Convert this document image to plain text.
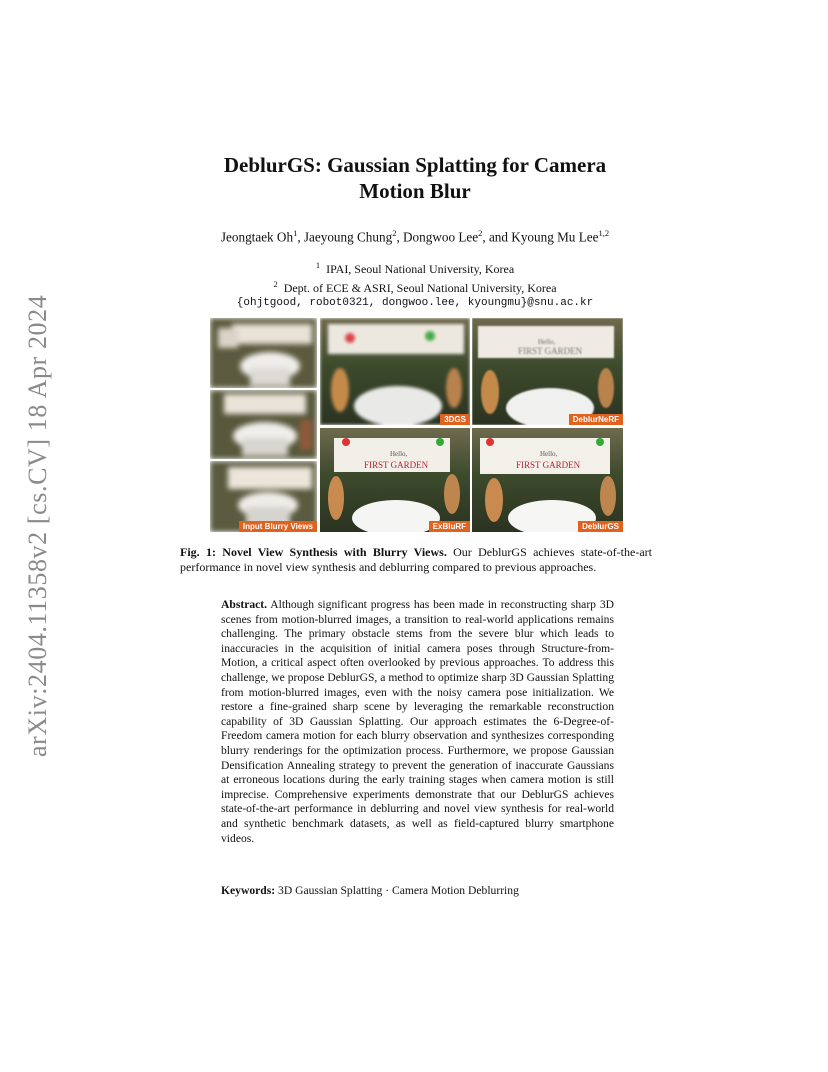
arXiv:2404.11358v2 [cs.CV] 18 Apr 2024
DeblurGS: Gaussian Splatting for Camera
Motion Blur
Jeongtaek Oh$^1$, Jaeyoung Chung$^2$, Dongwoo Lee$^2$, and Kyoung Mu Lee$^{1,2}$
$^1$ IPAI, Seoul National University, Korea
$^2$ Dept. of ECE & ASRI, Seoul National University, Korea
{ohjtgood, robot0321, dongwoo.lee, kyoungmu}@snu.ac.kr
Input Blurry Views
3DGS
Hello,
FIRST GARDEN
DeblurNeRF
Hello,
FIRST GARDEN
ExBluRF
Hello,
FIRST GARDEN
DeblurGS
Fig. 1: Novel View Synthesis with Blurry Views. Our DeblurGS achieves state-of-the-art performance in novel view synthesis and deblurring compared to previous approaches.

Abstract. Although significant progress has been made in reconstructing sharp 3D scenes from motion-blurred images, a transition to real-world applications remains challenging. The primary obstacle stems from the severe blur which leads to inaccuracies in the acquisition of initial camera poses through Structure-from-Motion, a critical aspect often overlooked by previous approaches. To address this challenge, we propose DeblurGS, a method to optimize sharp 3D Gaussian Splatting from motion-blurred images, even with the noisy camera pose initialization. We restore a fine-grained sharp scene by leveraging the remarkable reconstruction capability of 3D Gaussian Splatting. Our approach estimates the 6-Degree-of-Freedom camera motion for each blurry observation and synthesizes corresponding blurry renderings for the optimization process. Furthermore, we propose Gaussian Densification Annealing strategy to prevent the generation of inaccurate Gaussians at erroneous locations during the early training stages when camera motion is still imprecise. Comprehensive experiments demonstrate that our DeblurGS achieves state-of-the-art performance in deblurring and novel view synthesis for real-world and synthetic benchmark datasets, as well as field-captured blurry smartphone videos.

Keywords: 3D Gaussian Splatting · Camera Motion Deblurring
